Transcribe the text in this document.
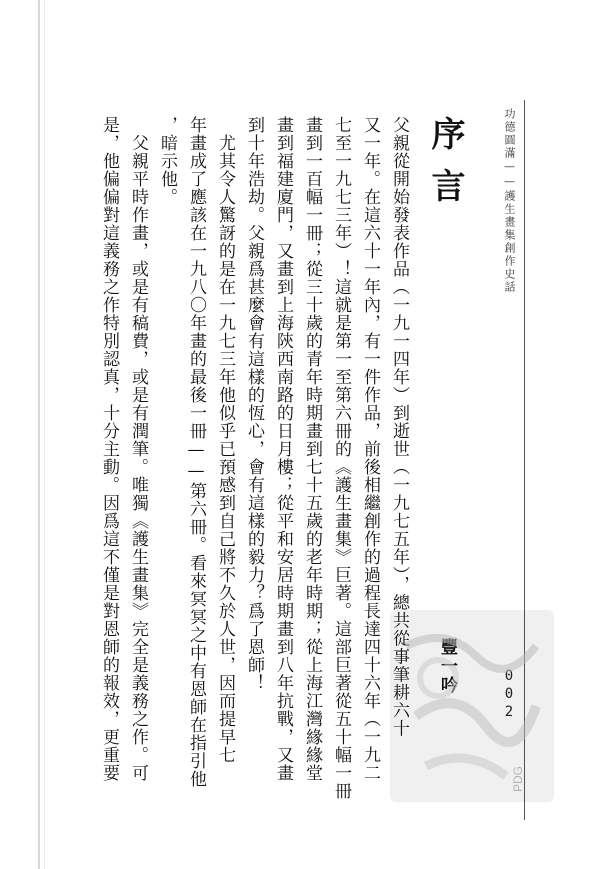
功德圓滿——護生畫集創作史話
序言
父親從開始發表作品（一九一四年）到逝世（一九七五年），總共從事筆耕六十
又一年。在這六十一年內，有一件作品，前後相繼創作的過程長達四十六年（一九二
七至一九七三年）！這就是第一至第六冊的《護生畫集》巨著。這部巨著從五十幅一冊
畫到一百幅一冊；從三十歲的青年時期畫到七十五歲的老年時期；從上海江灣緣緣堂
畫到福建廈門，又畫到上海陝西南路的日月樓；從平和安居時期畫到八年抗戰，又畫
到十年浩劫。父親爲甚麼會有這樣的恆心，會有這樣的毅力？爲了恩師！
尤其令人驚訝的是在一九七三年他似乎已預感到自己將不久於人世，因而提早七
年畫成了應該在一九八〇年畫的最後一冊——第六冊。看來冥冥之中有恩師在指引他
，暗示他。
父親平時作畫，或是有稿費，或是有潤筆。唯獨《護生畫集》完全是義務之作。可
是，他偏偏對這義務之作特別認真，十分主動。因爲這不僅是對恩師的報效，更重要	豐一吟	002
PDG
